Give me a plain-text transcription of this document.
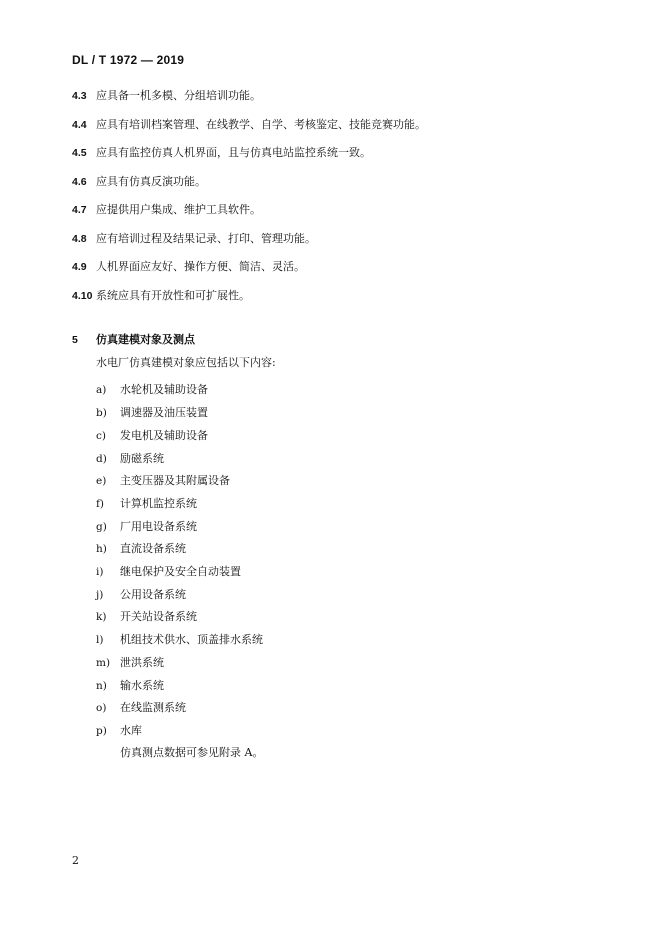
DL / T 1972 — 2019
4.3 应具备一机多模、分组培训功能。
4.4 应具有培训档案管理、在线教学、自学、考核鉴定、技能竞赛功能。
4.5 应具有监控仿真人机界面，且与仿真电站监控系统一致。
4.6 应具有仿真反演功能。
4.7 应提供用户集成、维护工具软件。
4.8 应有培训过程及结果记录、打印、管理功能。
4.9 人机界面应友好、操作方便、简洁、灵活。
4.10 系统应具有开放性和可扩展性。
5 仿真建模对象及测点
水电厂仿真建模对象应包括以下内容:
a) 水轮机及辅助设备
b) 调速器及油压装置
c) 发电机及辅助设备
d) 励磁系统
e) 主变压器及其附属设备
f) 计算机监控系统
g) 厂用电设备系统
h) 直流设备系统
i) 继电保护及安全自动装置
j) 公用设备系统
k) 开关站设备系统
l) 机组技术供水、顶盖排水系统
m) 泄洪系统
n) 输水系统
o) 在线监测系统
p) 水库
仿真测点数据可参见附录 A。
2
